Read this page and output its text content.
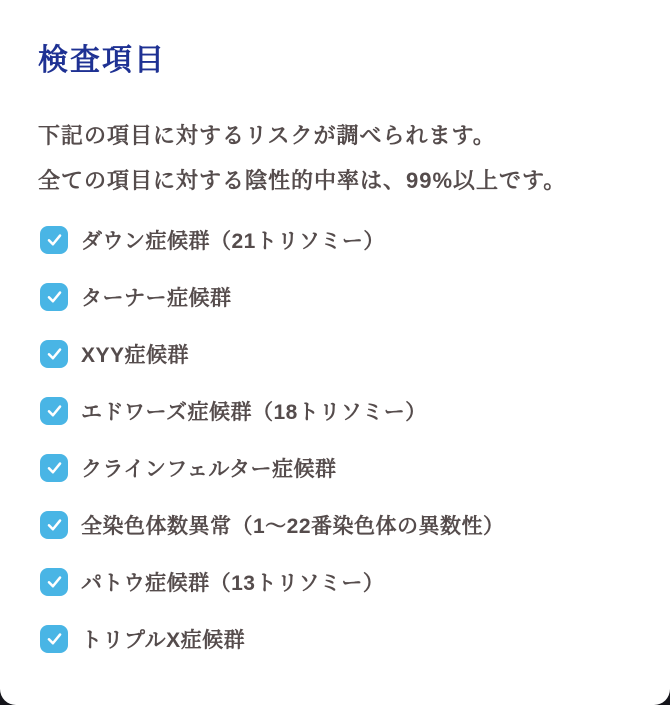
検査項目

下記の項目に対するリスクが調べられます。

全ての項目に対する陰性的中率は、99%以上です。

ダウン症候群（21トリソミー）
ターナー症候群
XYY症候群
エドワーズ症候群（18トリソミー）
クラインフェルター症候群
全染色体数異常（1〜22番染色体の異数性）
パトウ症候群（13トリソミー）
トリプルX症候群
